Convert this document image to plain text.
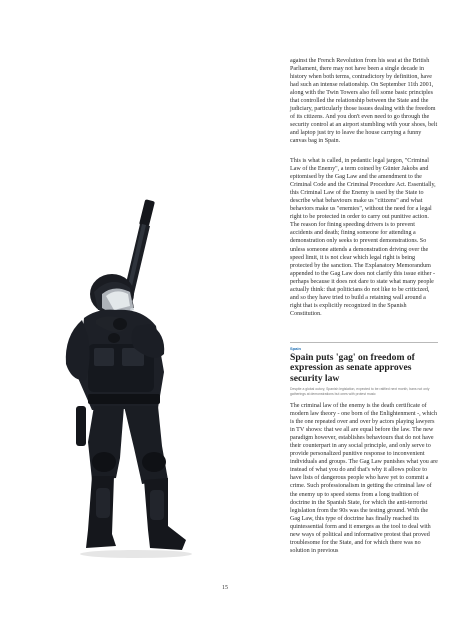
against the French Revolution from his seat at the British Parliament, there may not have been a single decade in history when both terms, contradictory by definition, have had such an intense relationship. On September 11th 2001, along with the Twin Towers also fell some basic principles that controlled the relationship between the State and the judiciary, particularly those issues dealing with the freedom of its citizens. And you don't even need to go through the security control at an airport stumbling with your shoes, belt and laptop just try to leave the house carrying a funny canvas bag in Spain.

This is what is called, in pedantic legal jargon, "Criminal Law of the Enemy", a term coined by Günter Jakobs and epitomised by the Gag Law and the amendment to the Criminal Code and the Criminal Procedure Act. Essentially, this Criminal Law of the Enemy is used by the State to describe what behaviours make us "citizens" and what behaviors make us "enemies", without the need for a legal right to be protected in order to carry out punitive action. The reason for fining speeding drivers is to prevent accidents and death; fining someone for attending a demonstration only seeks to prevent demonstrations. So unless someone attends a demonstration driving over the speed limit, it is not clear which legal right is being protected by the sanction. The Explanatory Memorandum appended to the Gag Law does not clarify this issue either - perhaps because it does not dare to state what many people actually think: that politicians do not like to be criticized, and so they have tried to build a retaining wall around a right that is explicitly recognized in the Spanish Constitution.

Spain
Spain puts 'gag' on freedom of expression as senate approves security law

Despite a global outcry, Spanish legislation, expected to be ratified next month, bans not only gatherings at demonstrations but ones with protest music

The criminal law of the enemy is the death certificate of modern law theory - one born of the Enlightenment -, which is the one repeated over and over by actors playing lawyers in TV shows: that we all are equal before the law. The new paradigm however, establishes behaviours that do not have their counterpart in any social principle, and only serve to provide personalized punitive response to inconvenient individuals and groups. The Gag Law punishes what you are instead of what you do and that's why it allows police to have lists of dangerous people who have yet to commit a crime. Such professionalism in getting the criminal law of the enemy up to speed stems from a long tradition of doctrine in the Spanish State, for which the anti-terrorist legislation from the 90s was the testing ground. With the Gag Law, this type of doctrine has finally reached its quintessential form and it emerges as the tool to deal with new ways of political and informative protest that proved troublesome for the State, and for which there was no solution in previous

15
